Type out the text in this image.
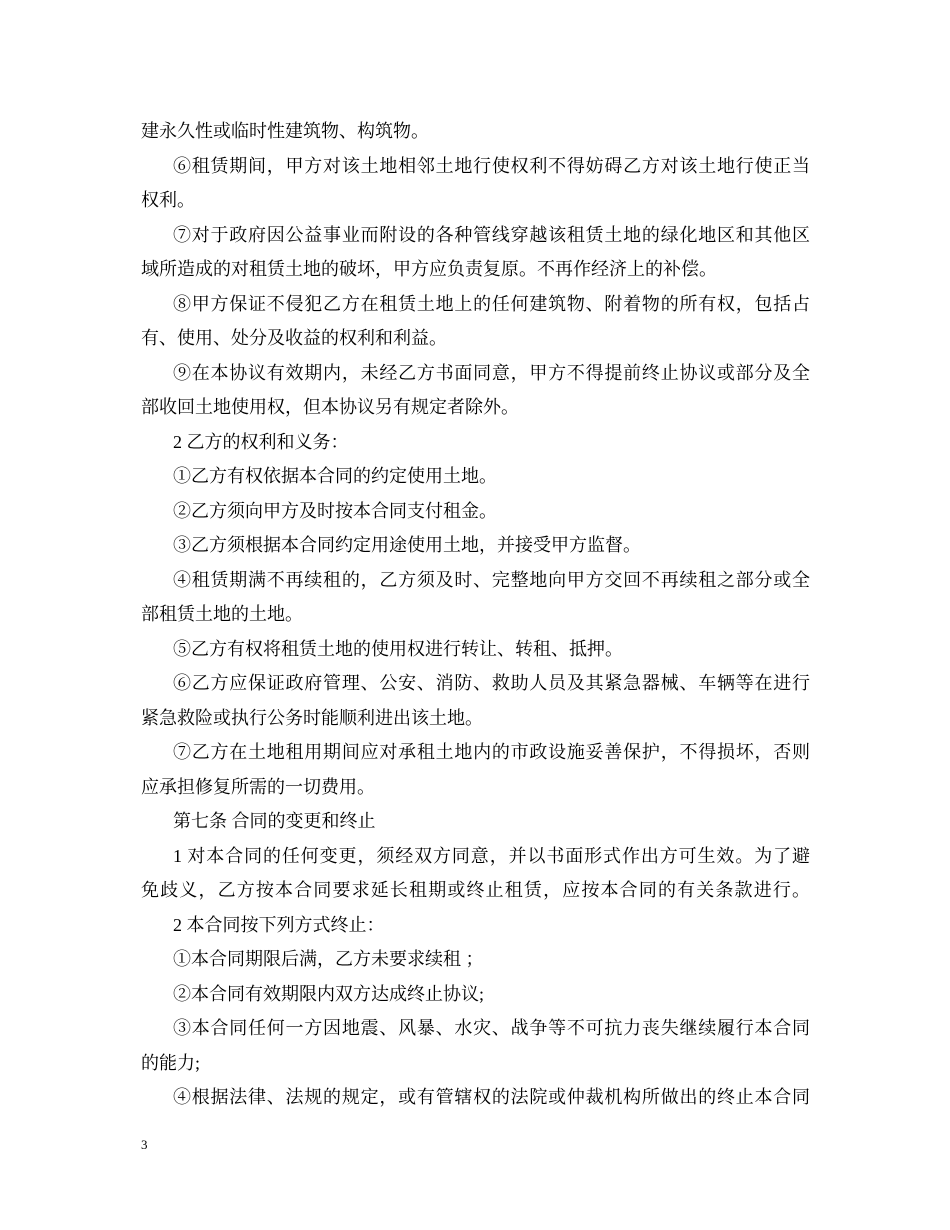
建永久性或临时性建筑物、构筑物。
⑥租赁期间，甲方对该土地相邻土地行使权利不得妨碍乙方对该土地行使正当
权利。
⑦对于政府因公益事业而附设的各种管线穿越该租赁土地的绿化地区和其他区
域所造成的对租赁土地的破坏，甲方应负责复原。不再作经济上的补偿。
⑧甲方保证不侵犯乙方在租赁土地上的任何建筑物、附着物的所有权，包括占
有、使用、处分及收益的权利和利益。
⑨在本协议有效期内，未经乙方书面同意，甲方不得提前终止协议或部分及全
部收回土地使用权，但本协议另有规定者除外。
2 乙方的权利和义务：
①乙方有权依据本合同的约定使用土地。
②乙方须向甲方及时按本合同支付租金。
③乙方须根据本合同约定用途使用土地，并接受甲方监督。
④租赁期满不再续租的，乙方须及时、完整地向甲方交回不再续租之部分或全
部租赁土地的土地。
⑤乙方有权将租赁土地的使用权进行转让、转租、抵押。
⑥乙方应保证政府管理、公安、消防、救助人员及其紧急器械、车辆等在进行
紧急救险或执行公务时能顺利进出该土地。
⑦乙方在土地租用期间应对承租土地内的市政设施妥善保护，不得损坏，否则
应承担修复所需的一切费用。
第七条 合同的变更和终止
1 对本合同的任何变更，须经双方同意，并以书面形式作出方可生效。为了避
免歧义，乙方按本合同要求延长租期或终止租赁，应按本合同的有关条款进行。
2 本合同按下列方式终止：
①本合同期限后满，乙方未要求续租 ；
②本合同有效期限内双方达成终止协议;
③本合同任何一方因地震、风暴、水灾、战争等不可抗力丧失继续履行本合同
的能力;
④根据法律、法规的规定，或有管辖权的法院或仲裁机构所做出的终止本合同
3
